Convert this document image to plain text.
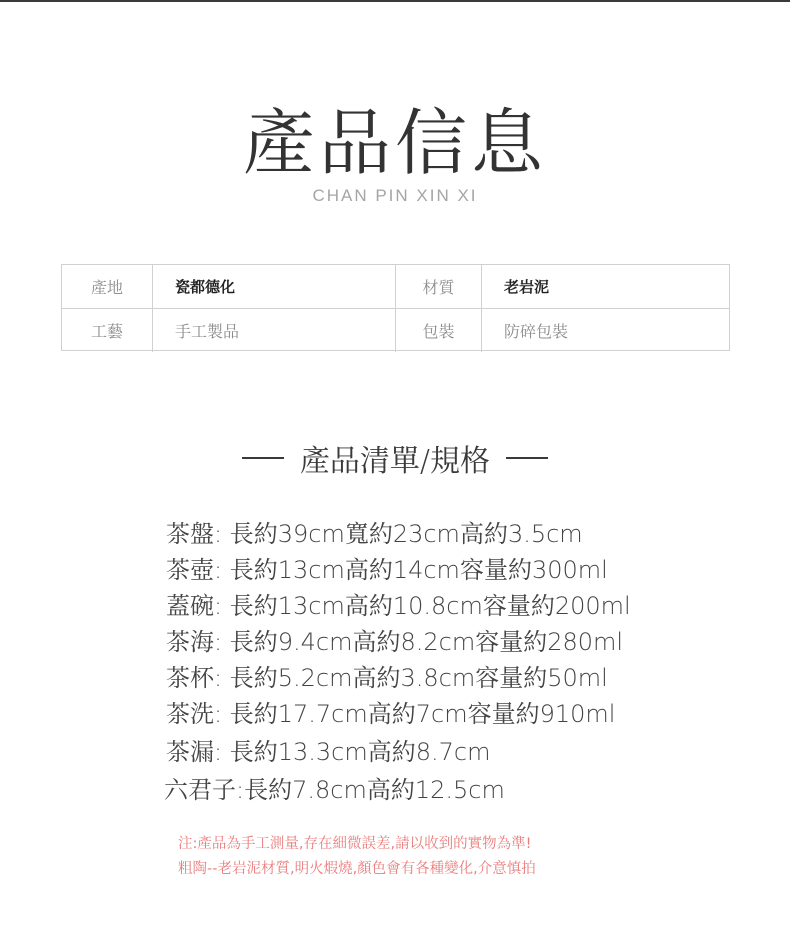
產品信息
CHAN PIN XIN XI
產地	瓷都德化	材質	老岩泥
工藝	手工製品	包裝	防碎包裝
產品清單/規格
茶盤: 長約39cm寬約23cm高約3.5cm
茶壺: 長約13cm高約14cm容量約300ml
蓋碗: 長約13cm高約10.8cm容量約200ml
茶海: 長約9.4cm高約8.2cm容量約280ml
茶杯: 長約5.2cm高約3.8cm容量約50ml
茶洗: 長約17.7cm高約7cm容量約910ml
茶漏: 長約13.3cm高約8.7cm
六君子:長約7.8cm高約12.5cm
注:產品為手工測量,存在細微誤差,請以收到的實物為準!
粗陶--老岩泥材質,明火煆燒,顏色會有各種變化,介意慎拍
